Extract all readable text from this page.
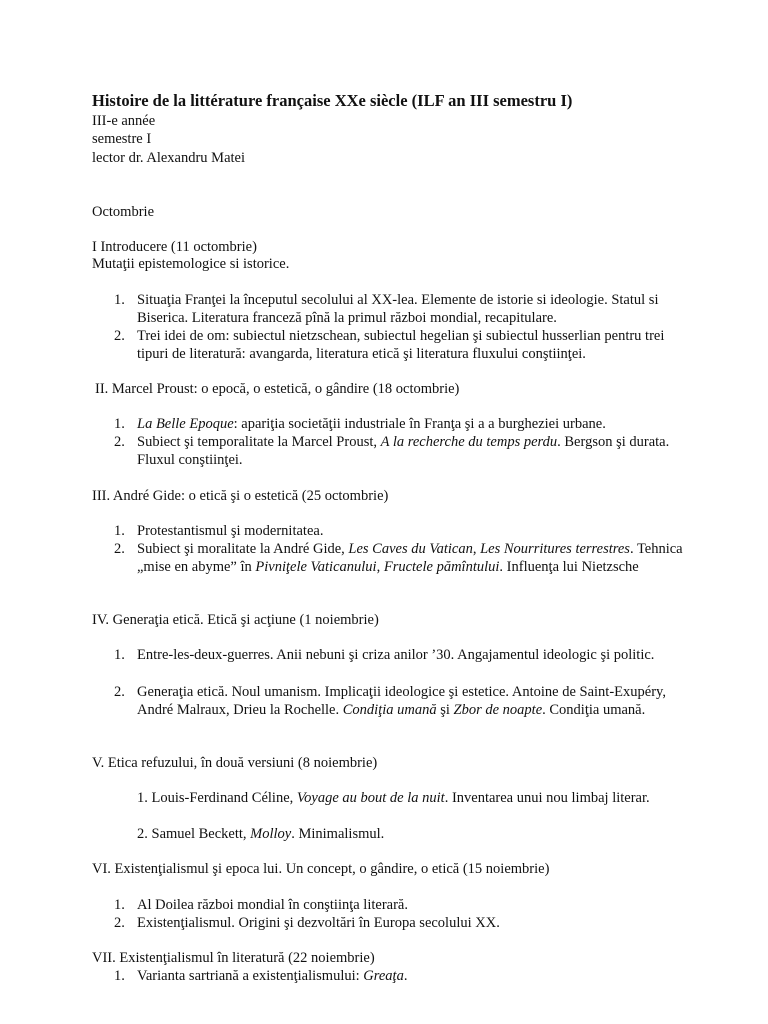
Histoire de la littérature française XXe siècle (ILF an III semestru I)
III-e année
semestre I
lector dr. Alexandru Matei
Octombrie
I Introducere (11 octombrie)
Mutaţii epistemologice si istorice.
1. Situaţia Franţei la începutul secolului al XX-lea. Elemente de istorie si ideologie. Statul si Biserica. Literatura franceză pînă la primul război mondial, recapitulare.
2. Trei idei de om: subiectul nietzschean, subiectul hegelian şi subiectul husserlian pentru trei tipuri de literatură: avangarda, literatura etică şi literatura fluxului conştiinţei.
II. Marcel Proust: o epocă, o estetică, o gândire (18 octombrie)
1. La Belle Epoque: apariţia societăţii industriale în Franţa şi a a burgheziei urbane.
2. Subiect şi temporalitate la Marcel Proust, A la recherche du temps perdu. Bergson şi durata. Fluxul conştiinţei.
III. André Gide: o etică şi o estetică (25 octombrie)
1. Protestantismul şi modernitatea.
2. Subiect şi moralitate la André Gide, Les Caves du Vatican, Les Nourritures terrestres. Tehnica „mise en abyme” în Pivniţele Vaticanului, Fructele pămîntului. Influenţa lui Nietzsche
IV. Generaţia etică. Etică şi acţiune (1 noiembrie)
1. Entre-les-deux-guerres. Anii nebuni şi criza anilor ’30. Angajamentul ideologic şi politic.
2. Generaţia etică. Noul umanism. Implicaţii ideologice şi estetice. Antoine de Saint-Exupéry, André Malraux, Drieu la Rochelle. Condiţia umană şi Zbor de noapte. Condiţia umană.
V. Etica refuzului, în două versiuni (8 noiembrie)
1. Louis-Ferdinand Céline, Voyage au bout de la nuit. Inventarea unui nou limbaj literar.
2. Samuel Beckett, Molloy. Minimalismul.
VI. Existenţialismul şi epoca lui. Un concept, o gândire, o etică (15 noiembrie)
1. Al Doilea război mondial în conştiinţa literară.
2. Existenţialismul. Origini şi dezvoltări în Europa secolului XX.
VII. Existenţialismul în literatură (22 noiembrie)
1. Varianta sartriană a existenţialismului: Greaţa.
